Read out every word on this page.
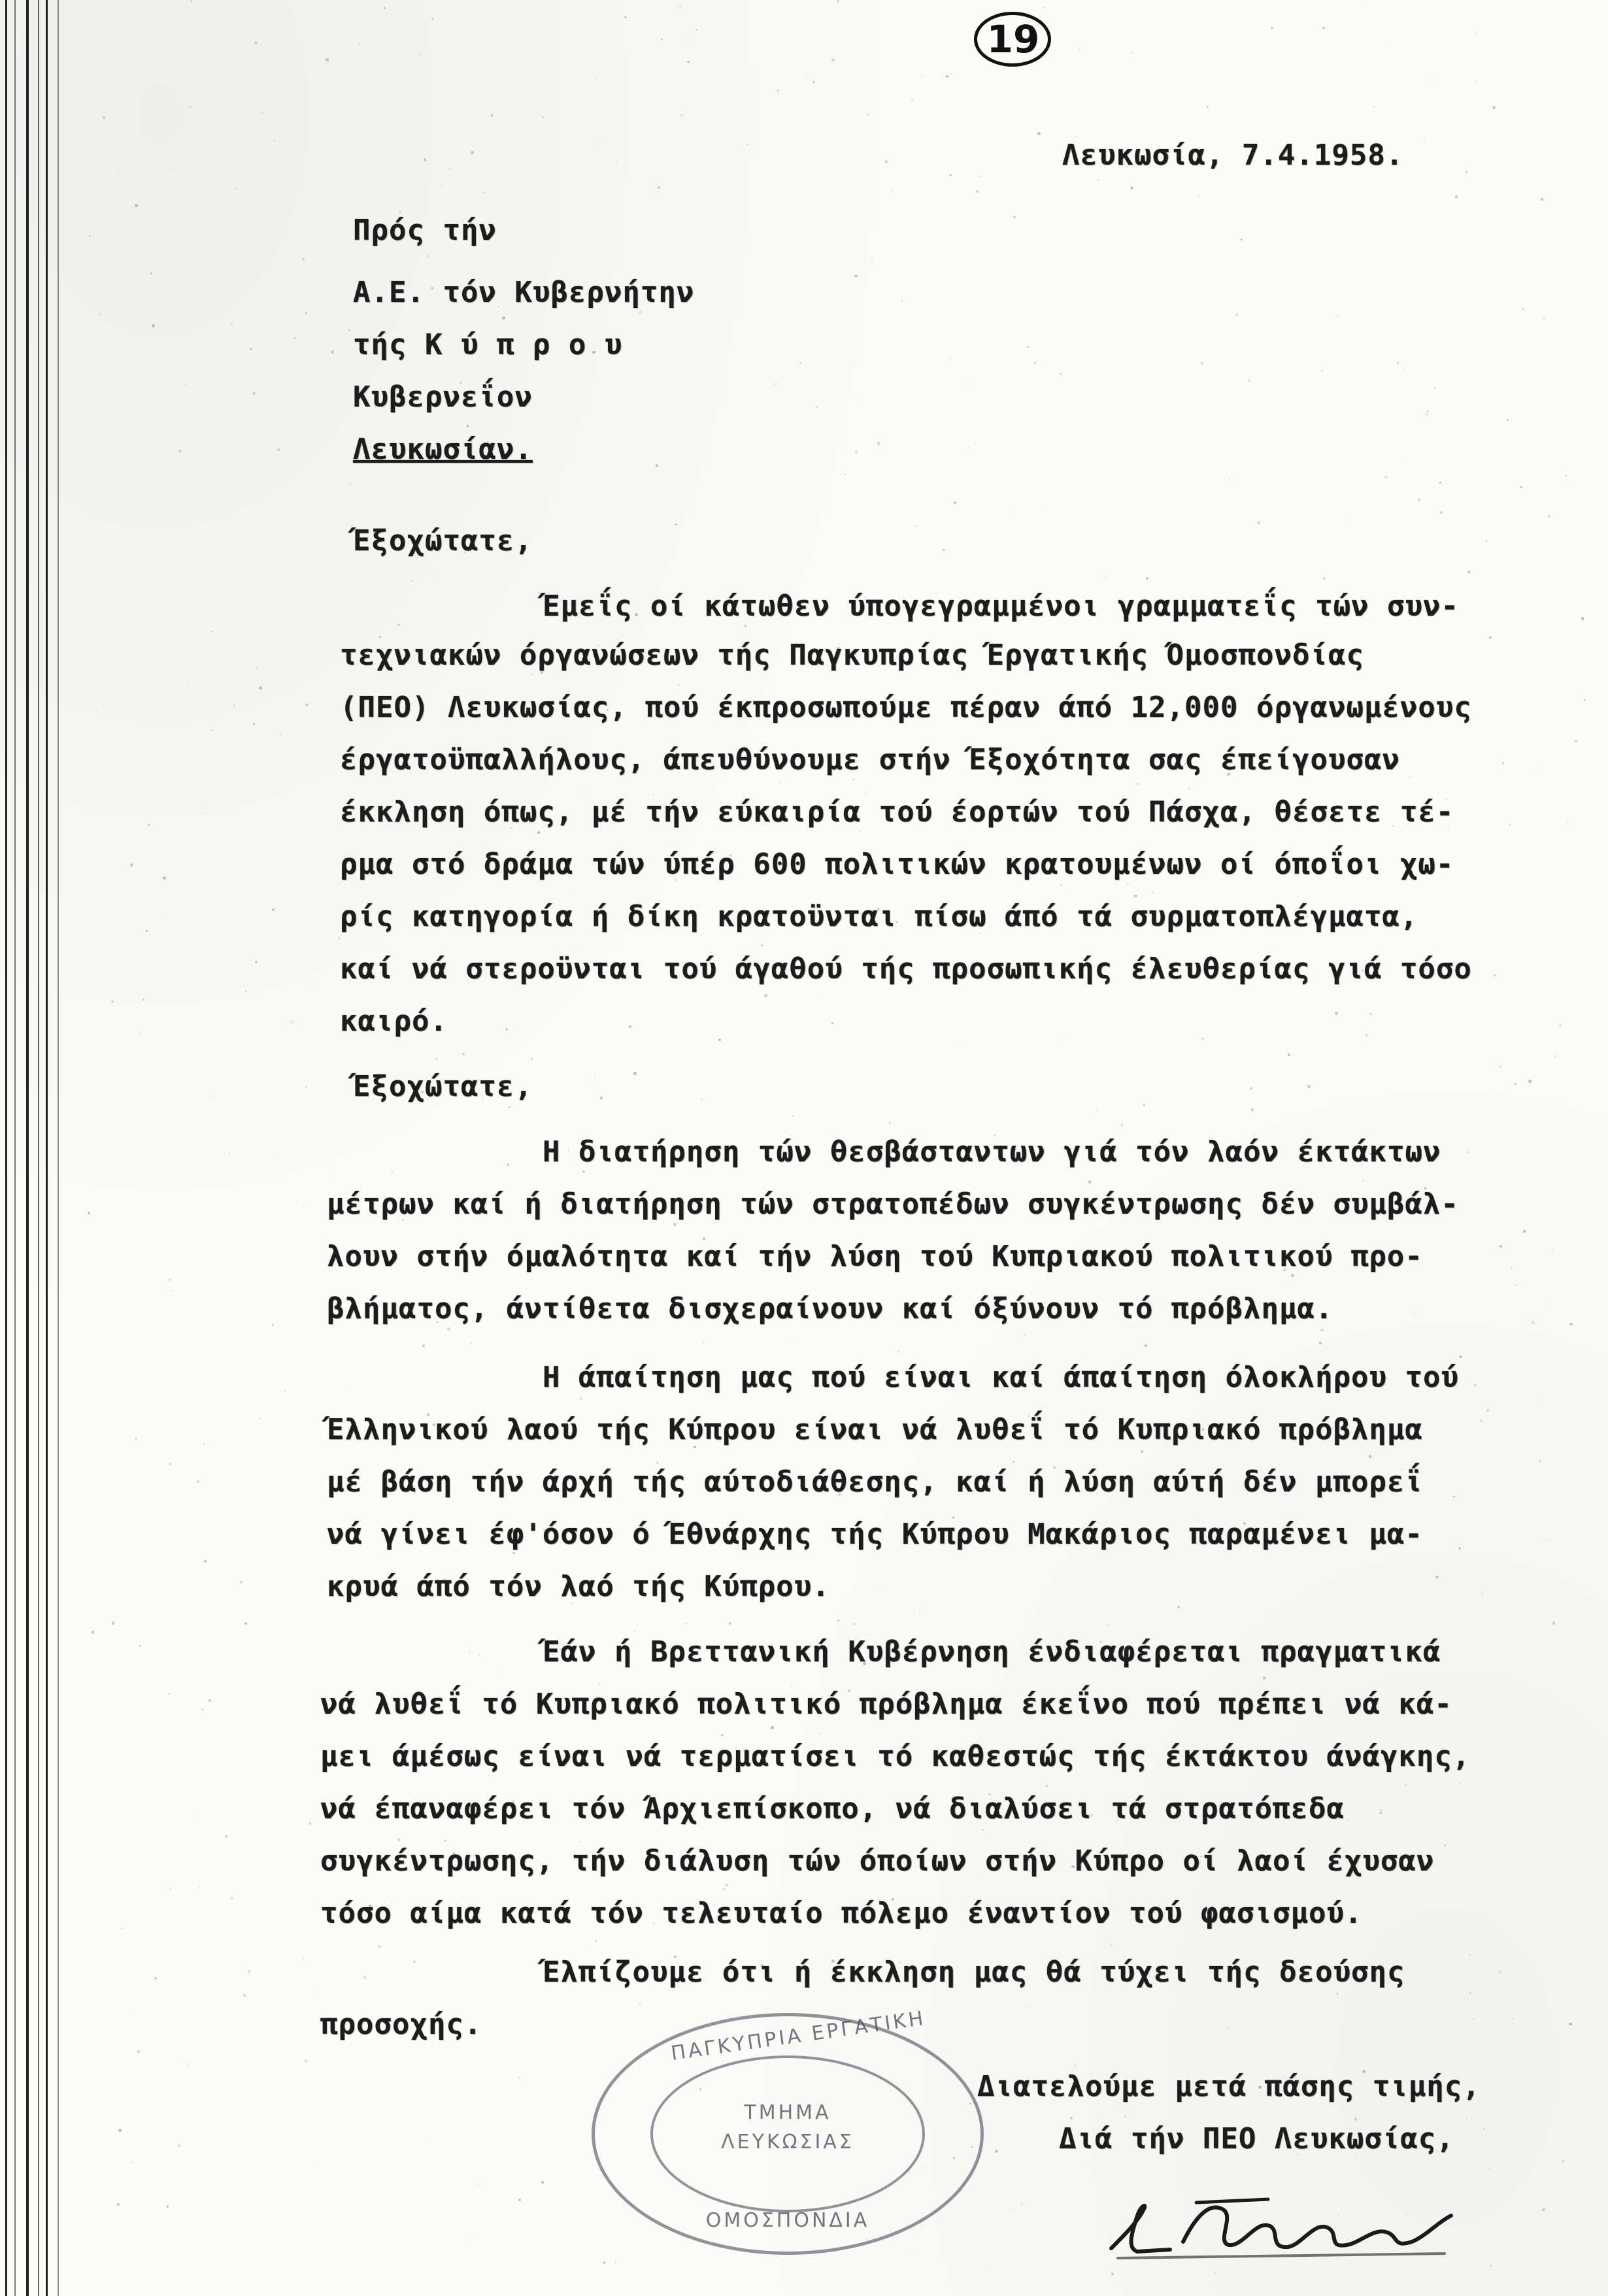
19
Λευκωσία, 7.4.1958.
Πρός τήν
Α.Ε. τόν Κυβερνήτην
τής Κ ύ π ρ ο υ
Κυβερνεΐον
Λευκωσίαν.
Έξοχώτατε,
Έμεΐς οί κάτωθεν ύπογεγραμμένοι γραμματεΐς τών συν-
τεχνιακών όργανώσεων τής Παγκυπρίας Έργατικής Όμοσπονδίας
(ΠΕΟ) Λευκωσίας, πού έκπροσωπούμε πέραν άπό 12,000 όργανωμένους
έργατοϋπαλλήλους, άπευθύνουμε στήν Έξοχότητα σας έπείγουσαν
έκκληση όπως, μέ τήν εύκαιρία τού έορτών τού Πάσχα, θέσετε τέ-
ρμα στό δράμα τών ύπέρ 600 πολιτικών κρατουμένων οί όποΐοι χω-
ρίς κατηγορία ή δίκη κρατοϋνται πίσω άπό τά συρματοπλέγματα,
καί νά στεροϋνται τού άγαθού τής προσωπικής έλευθερίας γιά τόσο
καιρό.
Έξοχώτατε,
Η διατήρηση τών θεσβάσταντων γιά τόν λαόν έκτάκτων
μέτρων καί ή διατήρηση τών στρατοπέδων συγκέντρωσης δέν συμβάλ-
λουν στήν όμαλότητα καί τήν λύση τού Κυπριακού πολιτικού προ-
βλήματος, άντίθετα δισχεραίνουν καί όξύνουν τό πρόβλημα.
Η άπαίτηση μας πού είναι καί άπαίτηση όλοκλήρου τού
Έλληνικού λαού τής Κύπρου είναι νά λυθεΐ τό Κυπριακό πρόβλημα
μέ βάση τήν άρχή τής αύτοδιάθεσης, καί ή λύση αύτή δέν μπορεΐ
νά γίνει έφ'όσον ό Έθνάρχης τής Κύπρου Μακάριος παραμένει μα-
κρυά άπό τόν λαό τής Κύπρου.
Έάν ή Βρεττανική Κυβέρνηση ένδιαφέρεται πραγματικά
νά λυθεΐ τό Κυπριακό πολιτικό πρόβλημα έκεΐνο πού πρέπει νά κά-
μει άμέσως είναι νά τερματίσει τό καθεστώς τής έκτάκτου άνάγκης,
νά έπαναφέρει τόν Άρχιεπίσκοπο, νά διαλύσει τά στρατόπεδα
συγκέντρωσης, τήν διάλυση τών όποίων στήν Κύπρο οί λαοί έχυσαν
τόσο αίμα κατά τόν τελευταίο πόλεμο έναντίον τού φασισμού.
Έλπίζουμε ότι ή έκκληση μας θά τύχει τής δεούσης
προσοχής.
Διατελούμε μετά πάσης τιμής,
Διά τήν ΠΕΟ Λευκωσίας,
ΠΑΓΚΥΠΡΙΑ ΕΡΓΑΤΙΚΗ
ΤΜΗΜΑ
ΛΕΥΚΩΣΙΑΣ
ΟΜΟΣΠΟΝΔΙΑ
